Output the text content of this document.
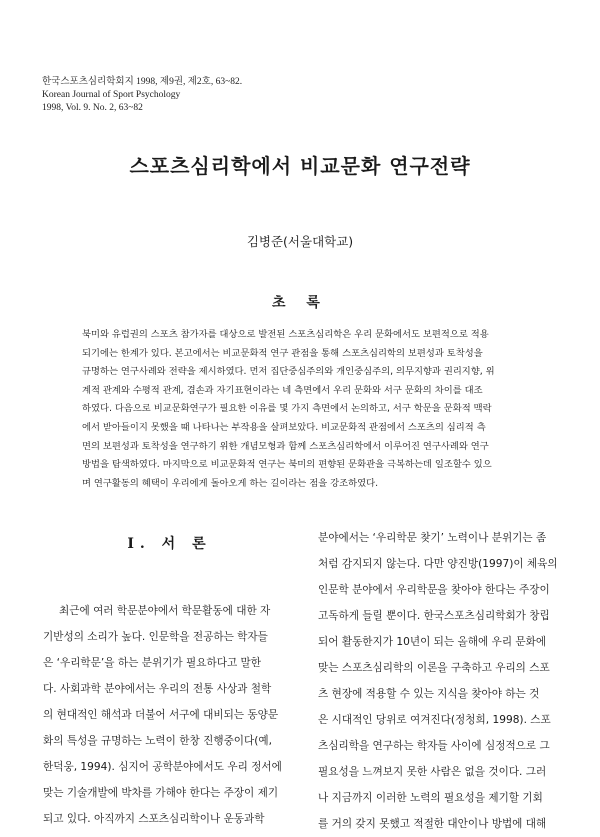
한국스포츠심리학회지 1998, 제9권, 제2호, 63~82.
Korean Journal of Sport Psychology
1998, Vol. 9. No. 2, 63~82
스포츠심리학에서 비교문화 연구전략
김병준(서울대학교)
초 록
북미와 유럽권의 스포츠 참가자를 대상으로 발전된 스포츠심리학은 우리 문화에서도 보편적으로 적용
되기에는 한계가 있다. 본고에서는 비교문화적 연구 관점을 통해 스포츠심리학의 보편성과 토착성을
규명하는 연구사례와 전략을 제시하였다. 먼저 집단중심주의와 개인중심주의, 의무지향과 권리지향, 위
계적 관계와 수평적 관계, 겸손과 자기표현이라는 네 측면에서 우리 문화와 서구 문화의 차이를 대조
하였다. 다음으로 비교문화연구가 필요한 이유를 몇 가지 측면에서 논의하고, 서구 학문을 문화적 맥락
에서 받아들이지 못했을 때 나타나는 부작용을 살펴보았다. 비교문화적 관점에서 스포츠의 심리적 측
면의 보편성과 토착성을 연구하기 위한 개념모형과 함께 스포츠심리학에서 이루어진 연구사례와 연구
방법을 탐색하였다. 마지막으로 비교문화적 연구는 북미의 편향된 문화관을 극복하는데 일조할수 있으
며 연구활동의 혜택이 우리에게 돌아오게 하는 길이라는 점을 강조하였다.
I. 서 론
최근에 여러 학문분야에서 학문활동에 대한 자
기반성의 소리가 높다. 인문학을 전공하는 학자들
은 ‘우리학문’을 하는 분위기가 필요하다고 말한
다. 사회과학 분야에서는 우리의 전통 사상과 철학
의 현대적인 해석과 더불어 서구에 대비되는 동양문
화의 특성을 규명하는 노력이 한창 진행중이다(예,
한덕웅, 1994). 심지어 공학분야에서도 우리 정서에
맞는 기술개발에 박차를 가해야 한다는 주장이 제기
되고 있다. 아직까지 스포츠심리학이나 운동과학
분야에서는 ‘우리학문 찾기’ 노력이나 분위기는 좀
처럼 감지되지 않는다. 다만 양진방(1997)이 체육의
인문학 분야에서 우리학문을 찾아야 한다는 주장이
고독하게 들릴 뿐이다. 한국스포츠심리학회가 창립
되어 활동한지가 10년이 되는 올해에 우리 문화에
맞는 스포츠심리학의 이론을 구축하고 우리의 스포
츠 현장에 적용할 수 있는 지식을 찾아야 하는 것
은 시대적인 당위로 여겨진다(정청희, 1998). 스포
츠심리학을 연구하는 학자들 사이에 심정적으로 그
필요성을 느껴보지 못한 사람은 없을 것이다. 그러
나 지금까지 이러한 노력의 필요성을 제기할 기회
를 거의 갖지 못했고 적절한 대안이나 방법에 대해
